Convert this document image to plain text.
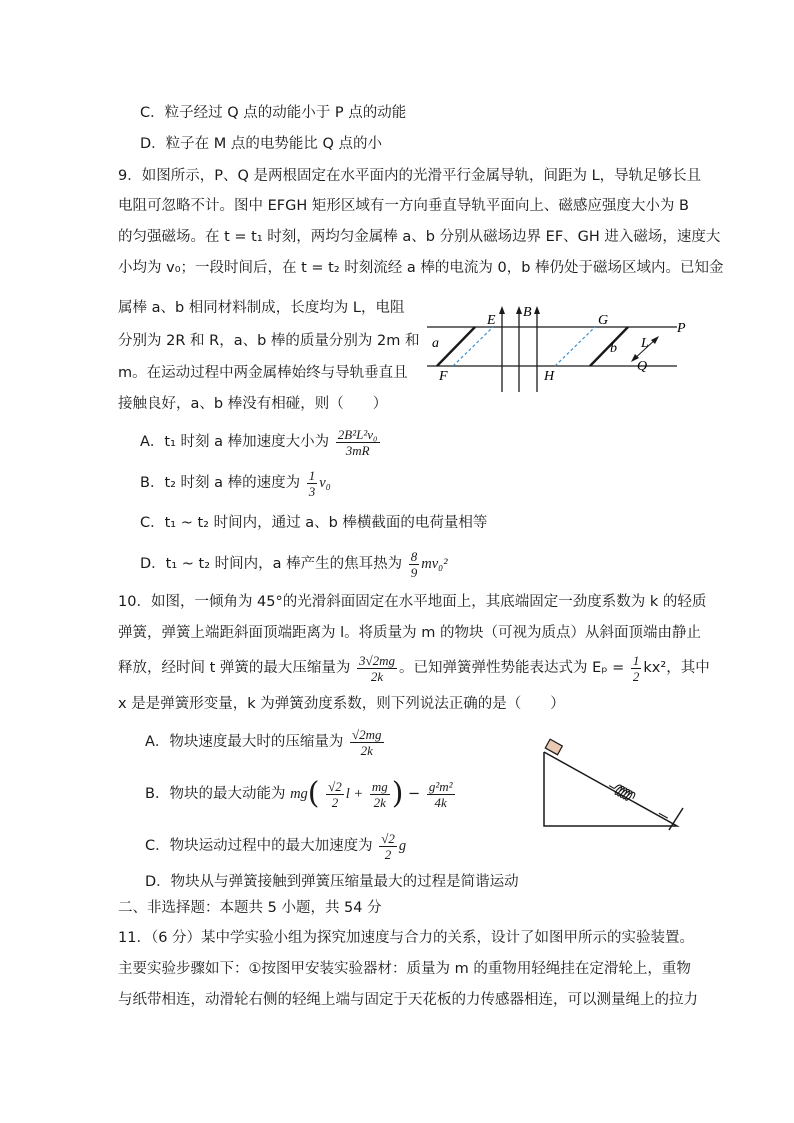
C．粒子经过 Q 点的动能小于 P 点的动能
D．粒子在 M 点的电势能比 Q 点的小
9．如图所示，P、Q 是两根固定在水平面内的光滑平行金属导轨，间距为 L，导轨足够长且
电阻可忽略不计。图中 EFGH 矩形区域有一方向垂直导轨平面向上、磁感应强度大小为 B
的匀强磁场。在 t = t₁ 时刻，两均匀金属棒 a、b 分别从磁场边界 EF、GH 进入磁场，速度大
小均为 v₀；一段时间后，在 t = t₂ 时刻流经 a 棒的电流为 0，b 棒仍处于磁场区域内。已知金
属棒 a、b 相同材料制成，长度均为 L，电阻
分别为 2R 和 R，a、b 棒的质量分别为 2m 和
m。在运动过程中两金属棒始终与导轨垂直且
接触良好，a、b 棒没有相碰，则（　　）
E
B
G
P
a	L
b
F	H
Q
A．t₁ 时刻 a 棒加速度大小为 $\frac{\text{2B²L²v₀}}{3mR}$
B．t₂ 时刻 a 棒的速度为 $\frac{1}{3} v_0$
C．t₁ ~ t₂ 时间内，通过 a、b 棒横截面的电荷量相等
D．t₁ ~ t₂ 时间内，a 棒产生的焦耳热为 $\frac{8}{9} mv_0^2$
10．如图，一倾角为 45°的光滑斜面固定在水平地面上，其底端固定一劲度系数为 k 的轻质
弹簧，弹簧上端距斜面顶端距离为 l。将质量为 m 的物块（可视为质点）从斜面顶端由静止
释放，经时间 t 弹簧的最大压缩量为 $\frac{3√2mg}{2k}$ 。已知弹簧弹性势能表达式为 $E_p = \frac{1}{2} kx^2$，其中
x 是是弹簧形变量，k 为弹簧劲度系数，则下列说法正确的是（　　）
A．物块速度最大时的压缩量为 $\frac{√2mg}{2k}$
B．物块的最大动能为 $mg( \frac{√2}{2}$ $l + \frac{mg}{2k}$ ) − $\frac{\text{g²m²}}{4k}$
C．物块运动过程中的最大加速度为 $\frac{√2}{2}$ g
D．物块从与弹簧接触到弹簧压缩量最大的过程是简谐运动
二、非选择题：本题共 5 小题，共 54 分
11．（6 分）某中学实验小组为探究加速度与合力的关系，设计了如图甲所示的实验装置。
主要实验步骤如下：①按图甲安装实验器材：质量为 m 的重物用轻绳挂在定滑轮上，重物
与纸带相连，动滑轮右侧的轻绳上端与固定于天花板的力传感器相连，可以测量绳上的拉力
